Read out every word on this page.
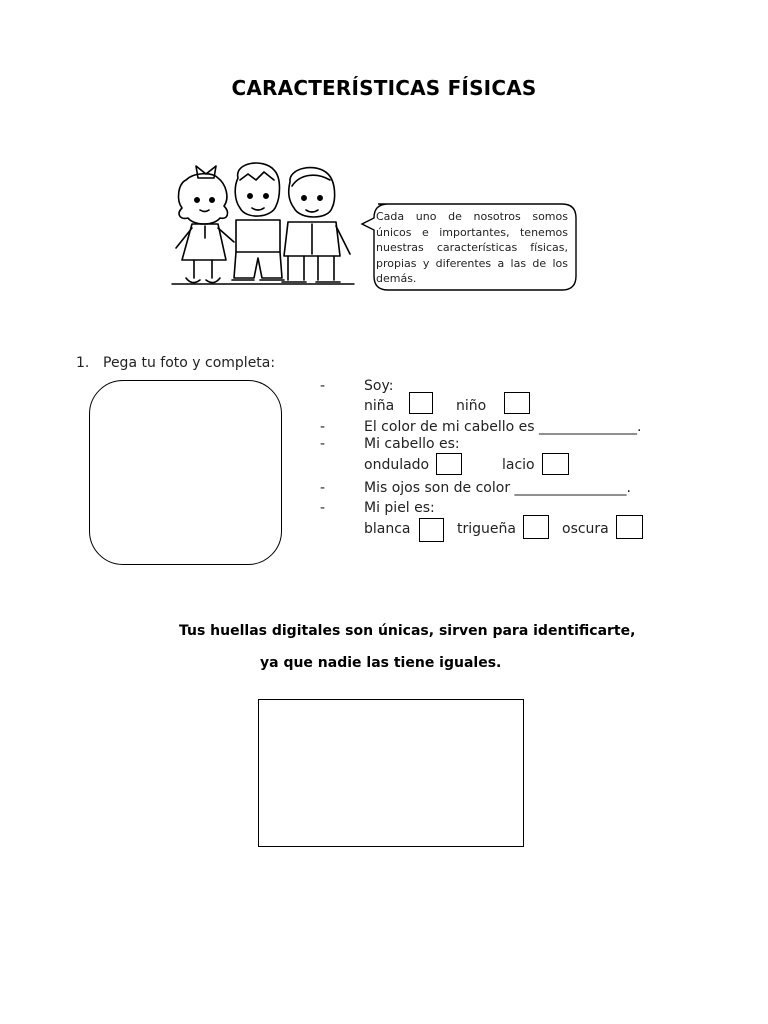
CARACTERÍSTICAS FÍSICAS
Cada uno de nosotros somos únicos e importantes, tenemos nuestras características físicas, propias y diferentes a las de los demás.
1. Pega tu foto y completa:
-	Soy:
niña	niño
-	El color de mi cabello es ______________.
-	Mi cabello es:
ondulado	lacio
-	Mis ojos son de color ________________.
-	Mi piel es:
blanca	trigueña	oscura
Tus huellas digitales son únicas, sirven para identificarte,
ya que nadie las tiene iguales.
